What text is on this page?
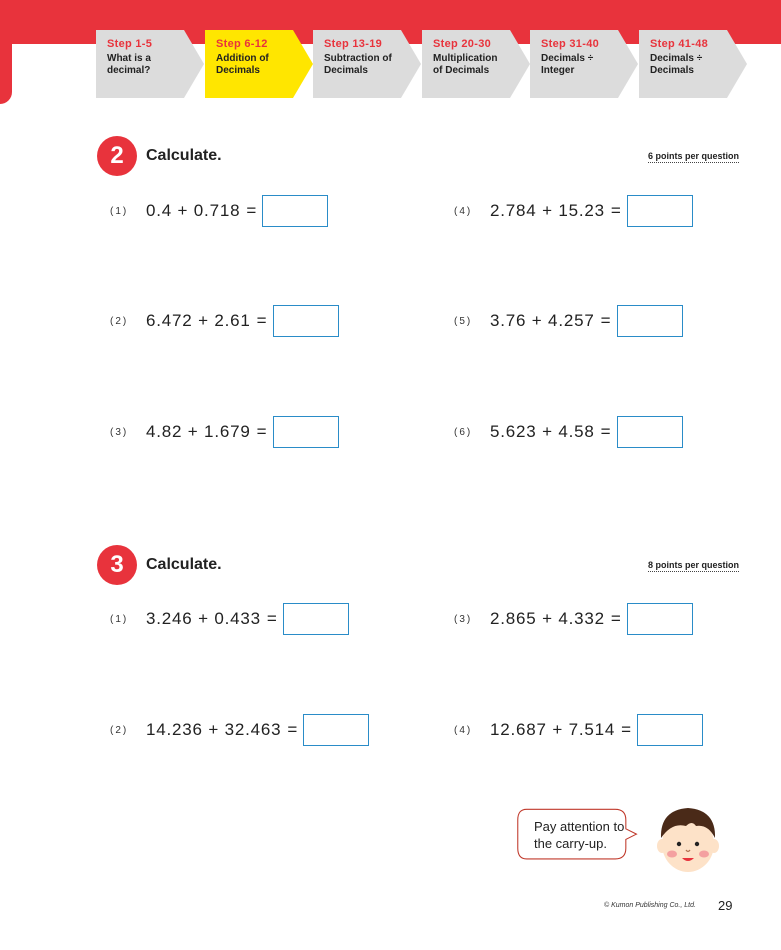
Step 1-5
What is a
decimal?
Step 6-12
Addition of
Decimals
Step 13-19
Subtraction of
Decimals
Step 20-30
Multiplication
of Decimals
Step 31-40
Decimals ÷
Integer
Step 41-48
Decimals ÷
Decimals
2	Calculate.	6 points per question
(1)	0.4 + 0.718 =
(2)	6.472 + 2.61 =
(3)	4.82 + 1.679 =
(4)	2.784 + 15.23 =
(5)	3.76 + 4.257 =
(6)	5.623 + 4.58 =
3	Calculate.	8 points per question
(1)	3.246 + 0.433 =
(2)	14.236 + 32.463 =
(3)	2.865 + 4.332 =
(4)	12.687 + 7.514 =
Pay attention to
the carry-up.
© Kumon Publishing Co., Ltd. 29
